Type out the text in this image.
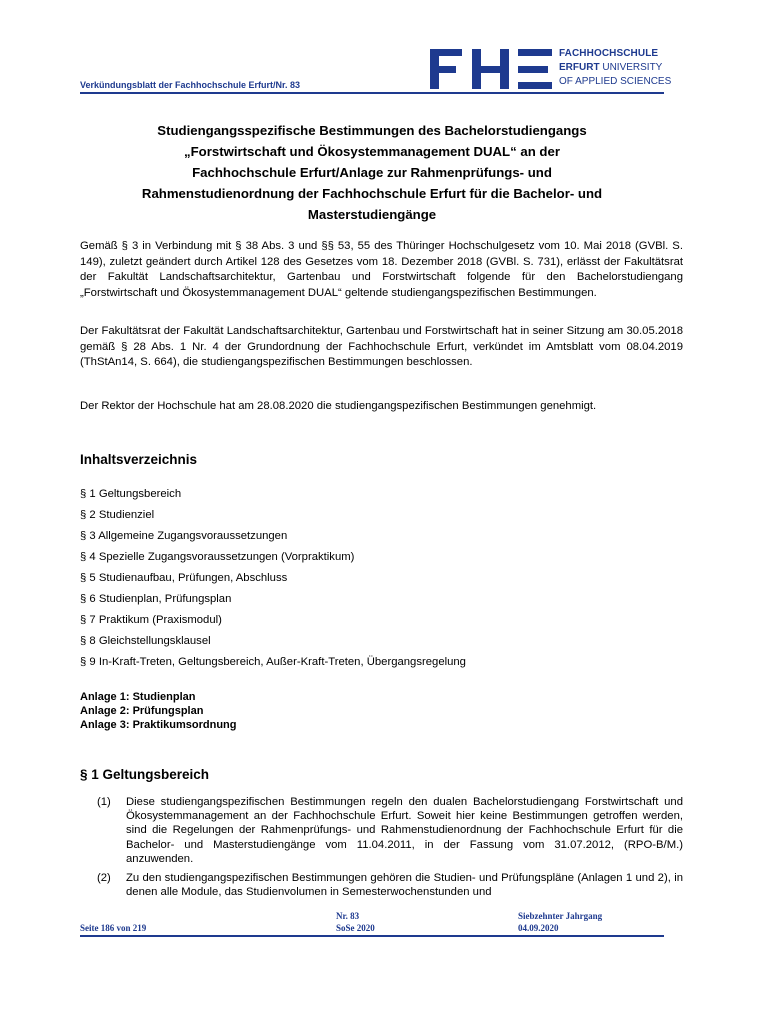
Verkündungsblatt der Fachhochschule Erfurt/Nr. 83
FACHHOCHSCHULE
ERFURT UNIVERSITY
OF APPLIED SCIENCES
Studiengangsspezifische Bestimmungen des Bachelorstudiengangs
„Forstwirtschaft und Ökosystemmanagement DUAL“ an der
Fachhochschule Erfurt/Anlage zur Rahmenprüfungs- und
Rahmenstudienordnung der Fachhochschule Erfurt für die Bachelor- und
Masterstudiengänge

Gemäß § 3 in Verbindung mit § 38 Abs. 3 und §§ 53, 55 des Thüringer Hochschulgesetz vom 10. Mai 2018 (GVBl. S. 149), zuletzt geändert durch Artikel 128 des Gesetzes vom 18. Dezember 2018 (GVBl. S. 731), erlässt der Fakultätsrat der Fakultät Landschaftsarchitektur, Gartenbau und Forstwirtschaft folgende für den Bachelorstudiengang „Forstwirtschaft und Ökosystemmanagement DUAL“ geltende studiengangspezifischen Bestimmungen.

Der Fakultätsrat der Fakultät Landschaftsarchitektur, Gartenbau und Forstwirtschaft hat in seiner Sitzung am 30.05.2018 gemäß § 28 Abs. 1 Nr. 4 der Grundordnung der Fachhochschule Erfurt, verkündet im Amtsblatt vom 08.04.2019 (ThStAn14, S. 664), die studiengangspezifischen Bestimmungen beschlossen.

Der Rektor der Hochschule hat am 28.08.2020 die studiengangspezifischen Bestimmungen genehmigt.

Inhaltsverzeichnis
§ 1 Geltungsbereich
§ 2 Studienziel
§ 3 Allgemeine Zugangsvoraussetzungen
§ 4 Spezielle Zugangsvoraussetzungen (Vorpraktikum)
§ 5 Studienaufbau, Prüfungen, Abschluss
§ 6 Studienplan, Prüfungsplan
§ 7 Praktikum (Praxismodul)
§ 8 Gleichstellungsklausel
§ 9 In-Kraft-Treten, Geltungsbereich, Außer-Kraft-Treten, Übergangsregelung
Anlage 1: Studienplan
Anlage 2: Prüfungsplan
Anlage 3: Praktikumsordnung
§ 1 Geltungsbereich
(1) Diese studiengangspezifischen Bestimmungen regeln den dualen Bachelorstudiengang Forstwirtschaft und Ökosystemmanagement an der Fachhochschule Erfurt. Soweit hier keine Bestimmungen getroffen werden, sind die Regelungen der Rahmenprüfungs- und Rahmenstudienordnung der Fachhochschule Erfurt für die Bachelor- und Masterstudiengänge vom 11.04.2011, in der Fassung vom 31.07.2012, (RPO-B/M.) anzuwenden.
(2) Zu den studiengangspezifischen Bestimmungen gehören die Studien- und Prüfungspläne (Anlagen 1 und 2), in denen alle Module, das Studienvolumen in Semesterwochenstunden und
Seite 186 von 219
Nr. 83
SoSe 2020
Siebzehnter Jahrgang
04.09.2020
